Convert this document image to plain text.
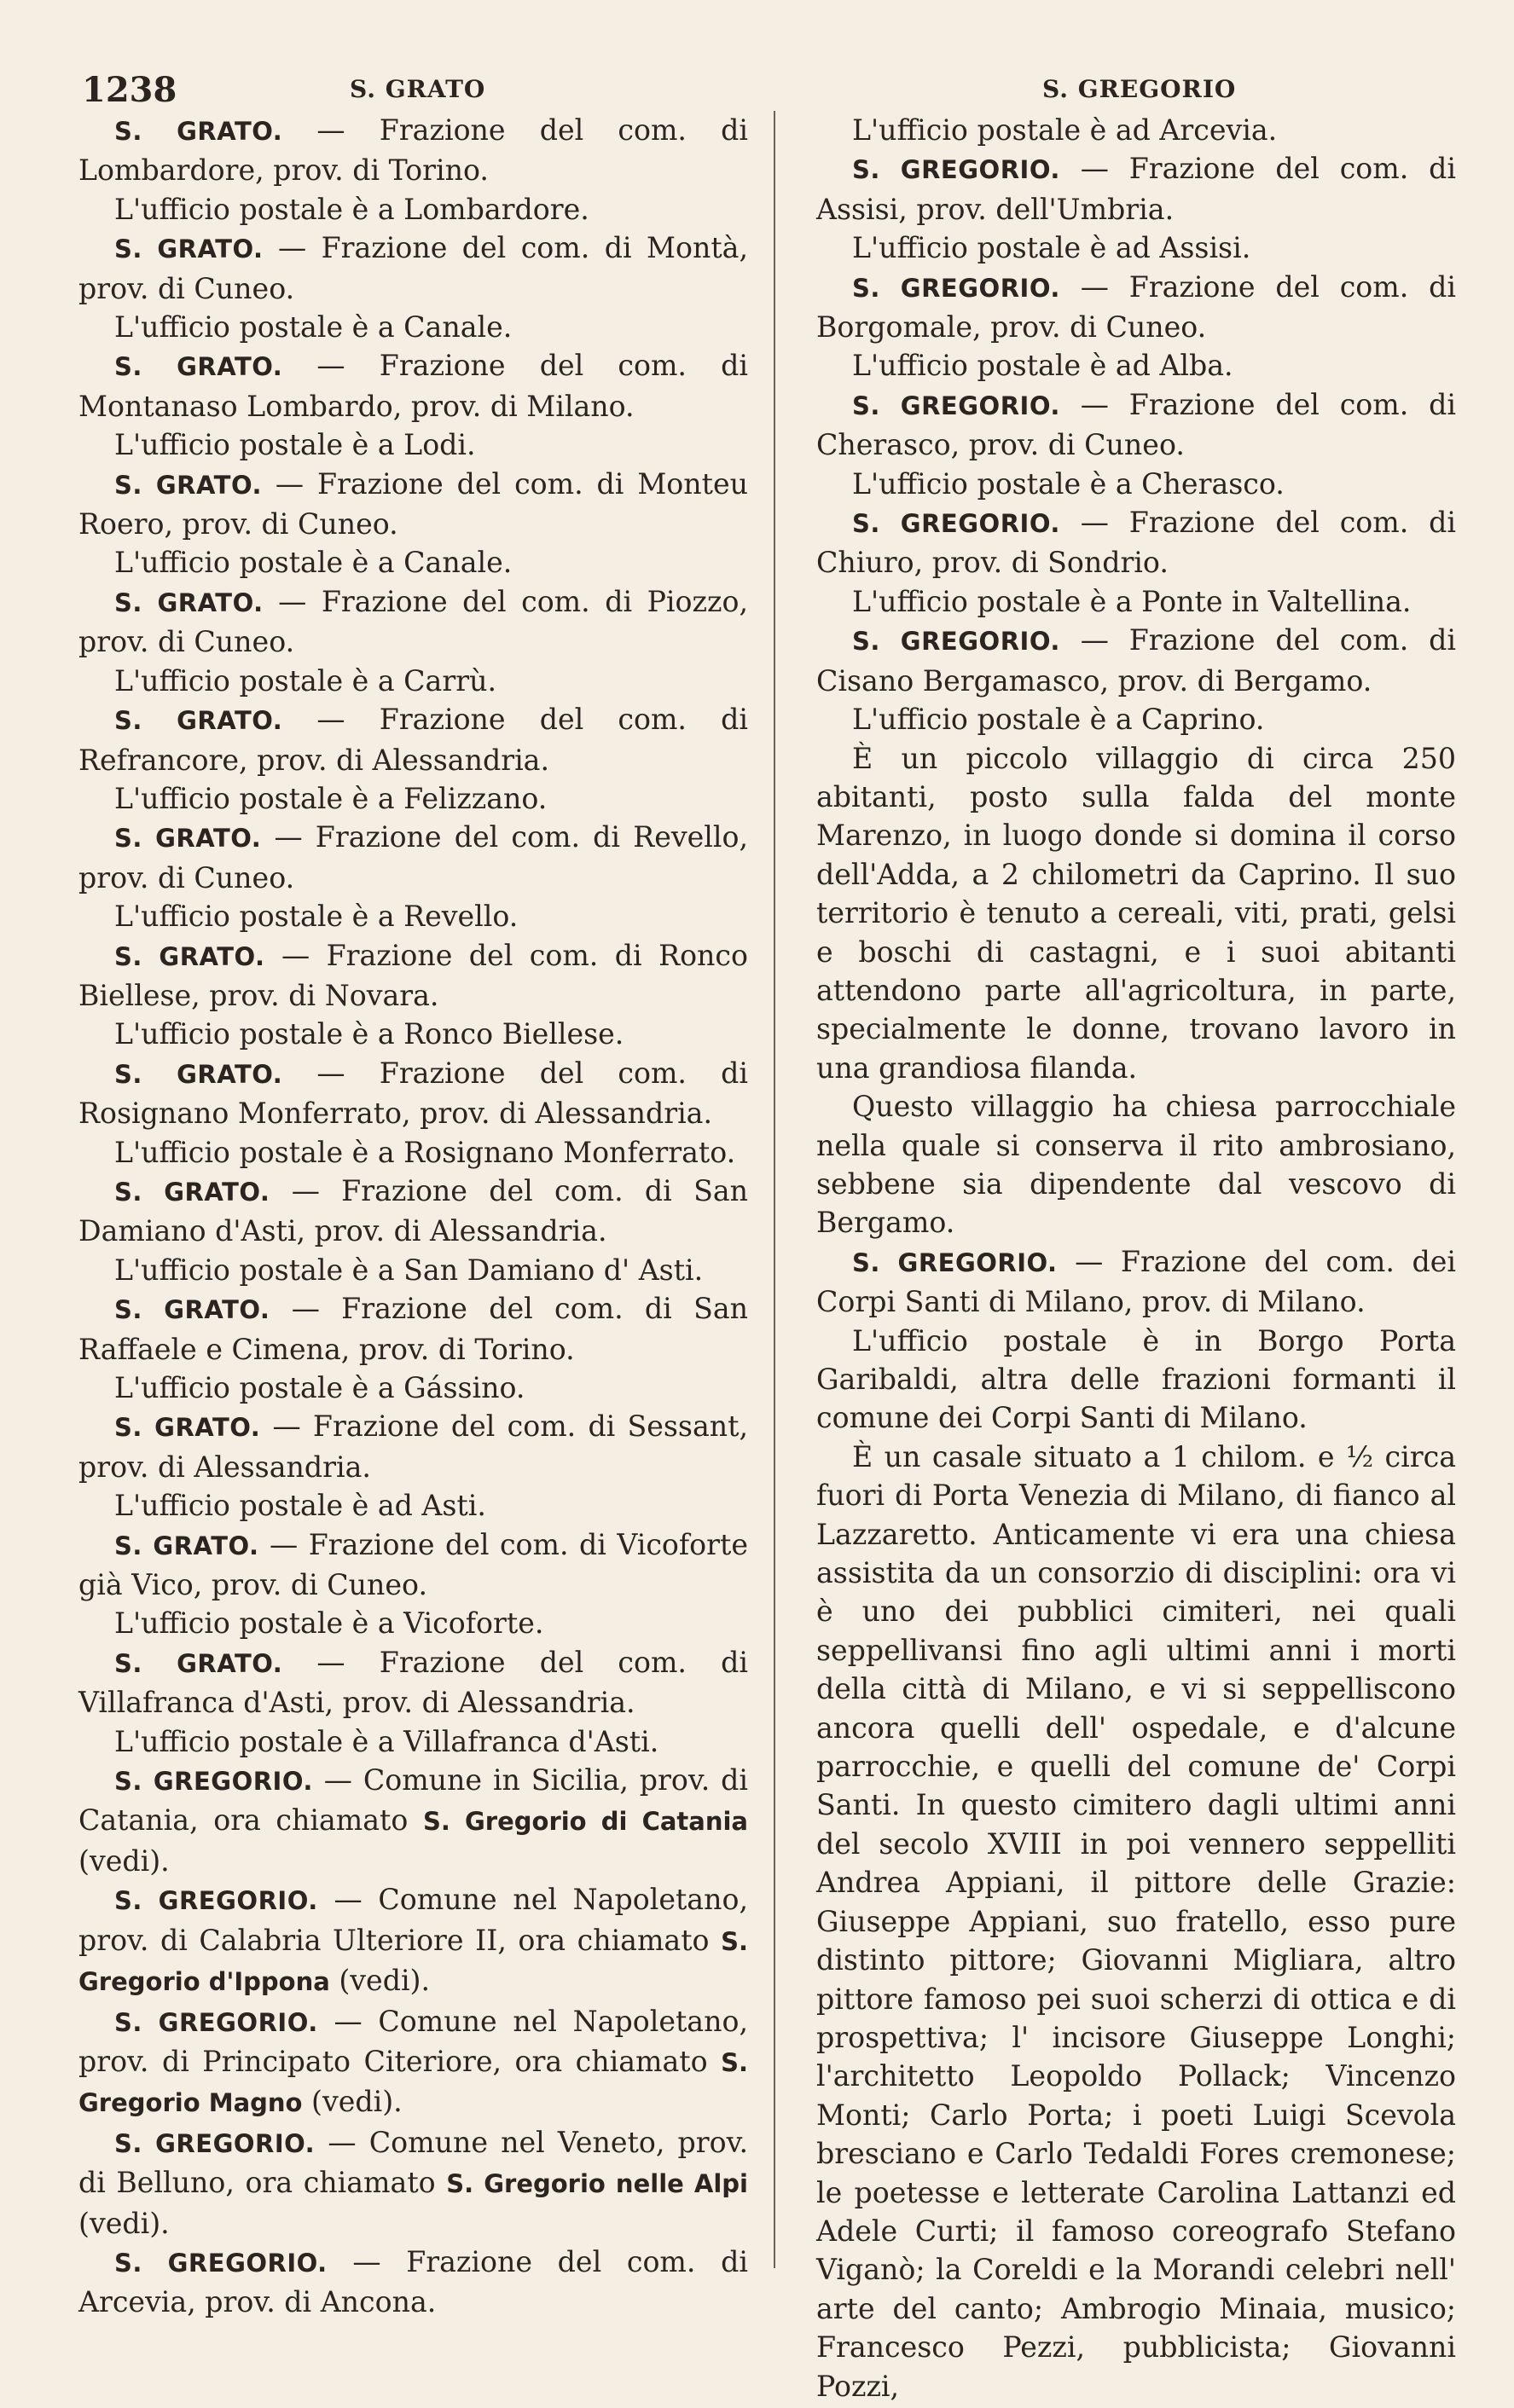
1238	S. GRATO	S. GREGORIO

S. GRATO. — Frazione del com. di Lombardore, prov. di Torino.

L'ufficio postale è a Lombardore.

S. GRATO. — Frazione del com. di Montà, prov. di Cuneo.

L'ufficio postale è a Canale.

S. GRATO. — Frazione del com. di Montanaso Lombardo, prov. di Milano.

L'ufficio postale è a Lodi.

S. GRATO. — Frazione del com. di Monteu Roero, prov. di Cuneo.

L'ufficio postale è a Canale.

S. GRATO. — Frazione del com. di Piozzo, prov. di Cuneo.

L'ufficio postale è a Carrù.

S. GRATO. — Frazione del com. di Refrancore, prov. di Alessandria.

L'ufficio postale è a Felizzano.

S. GRATO. — Frazione del com. di Revello, prov. di Cuneo.

L'ufficio postale è a Revello.

S. GRATO. — Frazione del com. di Ronco Biellese, prov. di Novara.

L'ufficio postale è a Ronco Biellese.

S. GRATO. — Frazione del com. di Rosignano Monferrato, prov. di Alessandria.

L'ufficio postale è a Rosignano Monferrato.

S. GRATO. — Frazione del com. di San Damiano d'Asti, prov. di Alessandria.

L'ufficio postale è a San Damiano d' Asti.

S. GRATO. — Frazione del com. di San Raffaele e Cimena, prov. di Torino.

L'ufficio postale è a Gássino.

S. GRATO. — Frazione del com. di Sessant, prov. di Alessandria.

L'ufficio postale è ad Asti.

S. GRATO. — Frazione del com. di Vicoforte già Vico, prov. di Cuneo.

L'ufficio postale è a Vicoforte.

S. GRATO. — Frazione del com. di Villafranca d'Asti, prov. di Alessandria.

L'ufficio postale è a Villafranca d'Asti.

S. GREGORIO. — Comune in Sicilia, prov. di Catania, ora chiamato S. Gregorio di Catania (vedi).

S. GREGORIO. — Comune nel Napoletano, prov. di Calabria Ulteriore II, ora chiamato S. Gregorio d'Ippona (vedi).

S. GREGORIO. — Comune nel Napoletano, prov. di Principato Citeriore, ora chiamato S. Gregorio Magno (vedi).

S. GREGORIO. — Comune nel Veneto, prov. di Belluno, ora chiamato S. Gregorio nelle Alpi (vedi).

S. GREGORIO. — Frazione del com. di Arcevia, prov. di Ancona.

L'ufficio postale è ad Arcevia.

S. GREGORIO. — Frazione del com. di Assisi, prov. dell'Umbria.

L'ufficio postale è ad Assisi.

S. GREGORIO. — Frazione del com. di Borgomale, prov. di Cuneo.

L'ufficio postale è ad Alba.

S. GREGORIO. — Frazione del com. di Cherasco, prov. di Cuneo.

L'ufficio postale è a Cherasco.

S. GREGORIO. — Frazione del com. di Chiuro, prov. di Sondrio.

L'ufficio postale è a Ponte in Valtellina.

S. GREGORIO. — Frazione del com. di Cisano Bergamasco, prov. di Bergamo.

L'ufficio postale è a Caprino.

È un piccolo villaggio di circa 250 abitanti, posto sulla falda del monte Marenzo, in luogo donde si domina il corso dell'Adda, a 2 chilometri da Caprino. Il suo territorio è tenuto a cereali, viti, prati, gelsi e boschi di castagni, e i suoi abitanti attendono parte all'agricoltura, in parte, specialmente le donne, trovano lavoro in una grandiosa filanda.

Questo villaggio ha chiesa parrocchiale nella quale si conserva il rito ambrosiano, sebbene sia dipendente dal vescovo di Bergamo.

S. GREGORIO. — Frazione del com. dei Corpi Santi di Milano, prov. di Milano.

L'ufficio postale è in Borgo Porta Garibaldi, altra delle frazioni formanti il comune dei Corpi Santi di Milano.

È un casale situato a 1 chilom. e ½ circa fuori di Porta Venezia di Milano, di fianco al Lazzaretto. Anticamente vi era una chiesa assistita da un consorzio di disciplini: ora vi è uno dei pubblici cimiteri, nei quali seppellivansi fino agli ultimi anni i morti della città di Milano, e vi si seppelliscono ancora quelli dell' ospedale, e d'alcune parrocchie, e quelli del comune de' Corpi Santi. In questo cimitero dagli ultimi anni del secolo XVIII in poi vennero seppelliti Andrea Appiani, il pittore delle Grazie: Giuseppe Appiani, suo fratello, esso pure distinto pittore; Giovanni Migliara, altro pittore famoso pei suoi scherzi di ottica e di prospettiva; l' incisore Giuseppe Longhi; l'architetto Leopoldo Pollack; Vincenzo Monti; Carlo Porta; i poeti Luigi Scevola bresciano e Carlo Tedaldi Fores cremonese; le poetesse e letterate Carolina Lattanzi ed Adele Curti; il famoso coreografo Stefano Viganò; la Coreldi e la Morandi celebri nell' arte del canto; Ambrogio Minaia, musico; Francesco Pezzi, pubblicista; Giovanni Pozzi,
